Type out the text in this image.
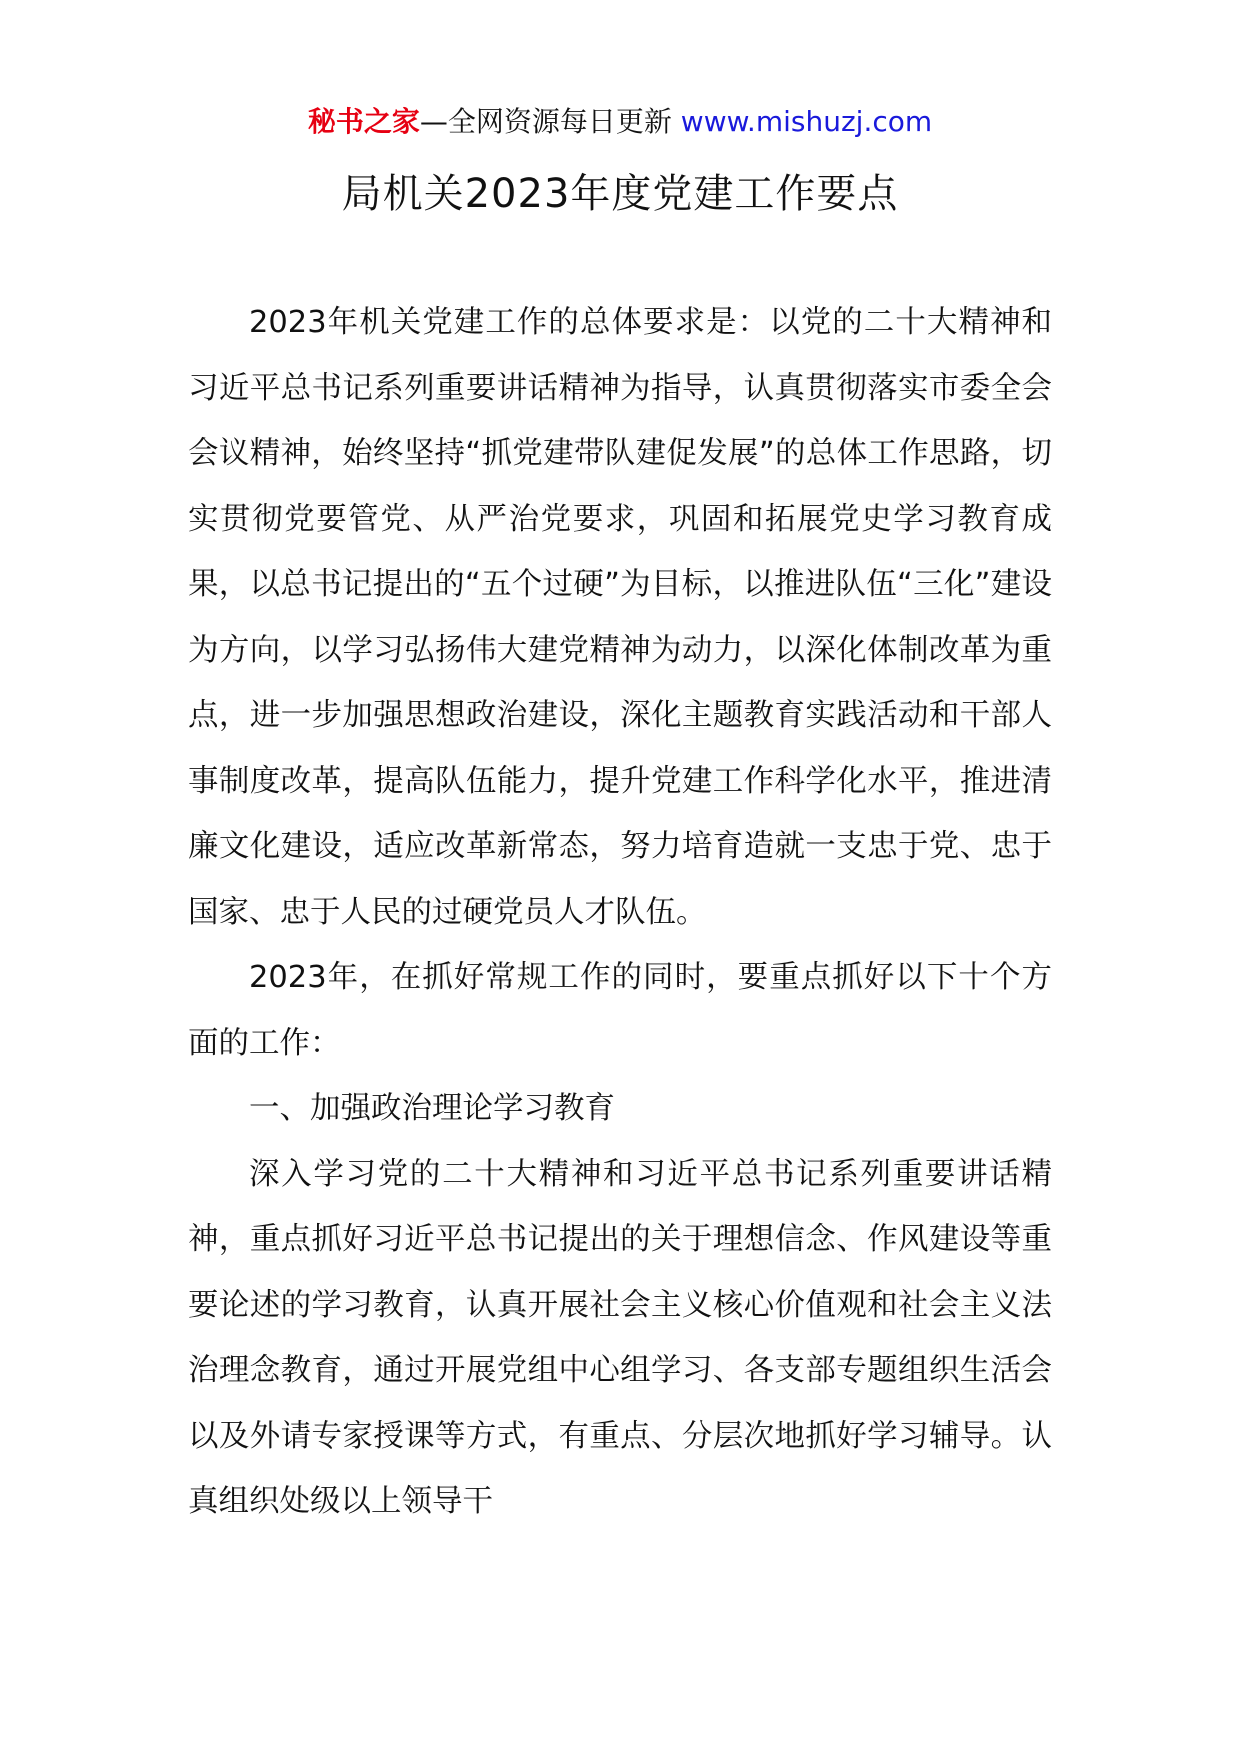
秘书之家—全网资源每日更新 www.mishuzj.com
局机关2023年度党建工作要点

2023年机关党建工作的总体要求是：以党的二十大精神和习近平总书记系列重要讲话精神为指导，认真贯彻落实市委全会会议精神，始终坚持“抓党建带队建促发展”的总体工作思路，切实贯彻党要管党、从严治党要求，巩固和拓展党史学习教育成果，以总书记提出的“五个过硬”为目标，以推进队伍“三化”建设为方向，以学习弘扬伟大建党精神为动力，以深化体制改革为重点，进一步加强思想政治建设，深化主题教育实践活动和干部人事制度改革，提高队伍能力，提升党建工作科学化水平，推进清廉文化建设，适应改革新常态，努力培育造就一支忠于党、忠于国家、忠于人民的过硬党员人才队伍。

2023年，在抓好常规工作的同时，要重点抓好以下十个方面的工作：

一、加强政治理论学习教育

深入学习党的二十大精神和习近平总书记系列重要讲话精神，重点抓好习近平总书记提出的关于理想信念、作风建设等重要论述的学习教育，认真开展社会主义核心价值观和社会主义法治理念教育，通过开展党组中心组学习、各支部专题组织生活会以及外请专家授课等方式，有重点、分层次地抓好学习辅导。认真组织处级以上领导干
